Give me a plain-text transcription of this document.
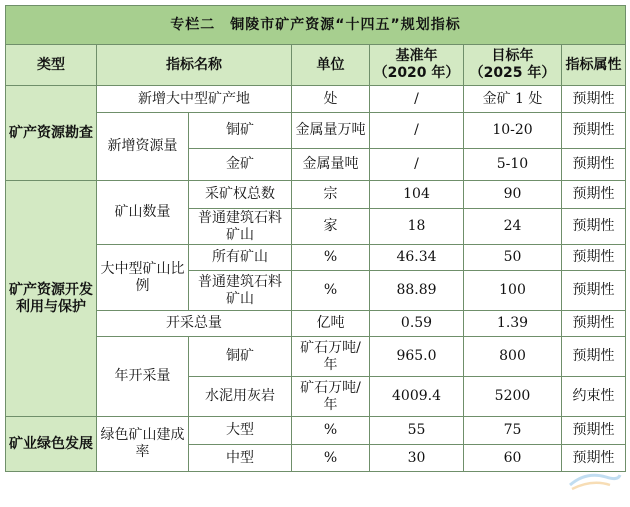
专栏二　铜陵市矿产资源“十四五”规划指标						
类型	指标名称		单位	基准年（2020 年）	目标年（2025 年）	指标属性
矿产资源勘查	新增大中型矿产地		处	/	金矿 1 处	预期性
	新增资源量	铜矿	金属量万吨	/	10-20	预期性
		金矿	金属量吨	/	5-10	预期性
矿产资源开发利用与保护	矿山数量	采矿权总数	宗	104	90	预期性
		普通建筑石料矿山	家	18	24	预期性
	大中型矿山比例	所有矿山	%	46.34	50	预期性
		普通建筑石料矿山	%	88.89	100	预期性
	开采总量		亿吨	0.59	1.39	预期性
	年开采量	铜矿	矿石万吨/年	965.0	800	预期性
		水泥用灰岩	矿石万吨/年	4009.4	5200	约束性
矿业绿色发展	绿色矿山建成率	大型	%	55	75	预期性
		中型	%	30	60	预期性
